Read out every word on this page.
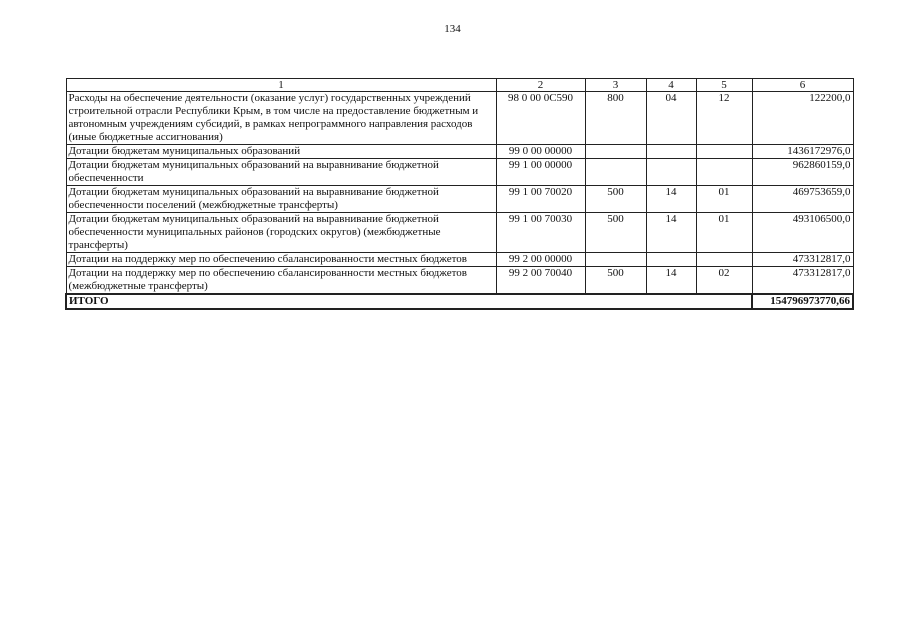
134
1	2	3	4	5	6
Расходы на обеспечение деятельности (оказание услуг) государственных учреждений строительной отрасли Республики Крым, в том числе на предоставление бюджетным и автономным учреждениям субсидий, в рамках непрограммного направления расходов (иные бюджетные ассигнования)	98 0 00 0С590	800	04	12	122200,0
Дотации бюджетам муниципальных образований	99 0 00 00000				1436172976,0
Дотации бюджетам муниципальных образований на выравнивание бюджетной обеспеченности	99 1 00 00000				962860159,0
Дотации бюджетам муниципальных образований на выравнивание бюджетной обеспеченности поселений (межбюджетные трансферты)	99 1 00 70020	500	14	01	469753659,0
Дотации бюджетам муниципальных образований на выравнивание бюджетной обеспеченности муниципальных районов (городских округов) (межбюджетные трансферты)	99 1 00 70030	500	14	01	493106500,0
Дотации на поддержку мер по обеспечению сбалансированности местных бюджетов	99 2 00 00000				473312817,0
Дотации на поддержку мер по обеспечению сбалансированности местных бюджетов (межбюджетные трансферты)	99 2 00 70040	500	14	02	473312817,0
ИТОГО					154796973770,66
